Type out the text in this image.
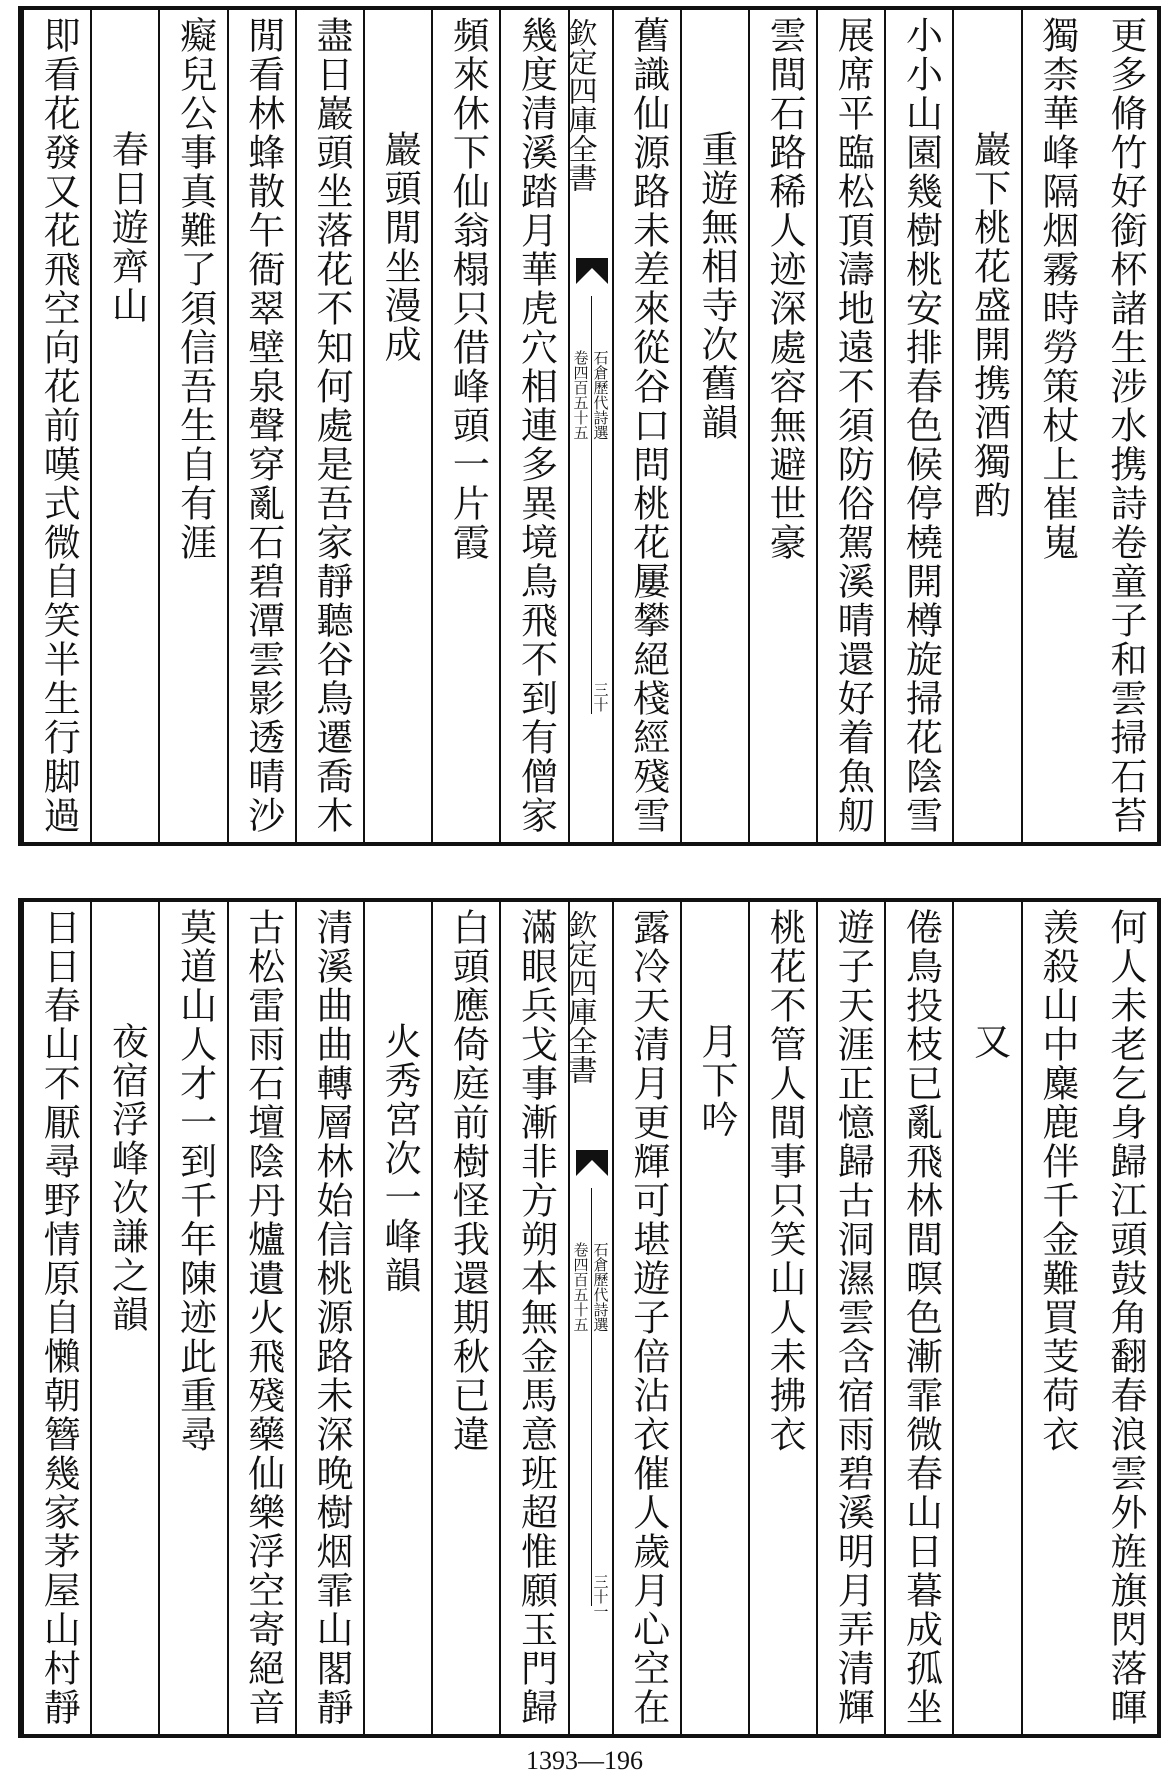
更多脩竹好銜杯諸生涉水携詩卷童子和雲掃石苔
獨柰華峰隔烟霧時勞策杖上崔嵬
巖下桃花盛開携酒獨酌
小小山園幾樹桃安排春色候停橈開樽旋掃花陰雪
展席平臨松頂濤地遠不須防俗駕溪晴還好着魚舠
雲間石路稀人迹深處容無避世豪
重遊無相寺次舊韻
舊識仙源路未差來從谷口問桃花屢攀絕棧經殘雪
欽定四庫全書
石倉歷代詩選
卷四百五十五
三十
幾度清溪踏月華虎穴相連多異境鳥飛不到有僧家
頻來休下仙翁榻只借峰頭一片霞
巖頭閒坐漫成
盡日巖頭坐落花不知何處是吾家靜聽谷鳥遷喬木
閒看林蜂散午衙翠壁泉聲穿亂石碧潭雲影透晴沙
癡兒公事真難了須信吾生自有涯
春日遊齊山
即看花發又花飛空向花前嘆式微自笑半生行脚過
何人未老乞身歸江頭鼓角翻春浪雲外旌旗閃落暉
羡殺山中麋鹿伴千金難買芰荷衣
又
倦鳥投枝已亂飛林間暝色漸霏微春山日暮成孤坐
遊子天涯正憶歸古洞濕雲含宿雨碧溪明月弄清輝
桃花不管人間事只笑山人未拂衣
月下吟
露冷天清月更輝可堪遊子倍沾衣催人歲月心空在
欽定四庫全書
石倉歷代詩選
卷四百五十五
三十一
滿眼兵戈事漸非方朔本無金馬意班超惟願玉門歸
白頭應倚庭前樹怪我還期秋已違
火秀宮次一峰韻
清溪曲曲轉層林始信桃源路未深晚樹烟霏山閣靜
古松雷雨石壇陰丹爐遺火飛殘藥仙樂浮空寄絕音
莫道山人才一到千年陳迹此重尋
夜宿浮峰次謙之韻
日日春山不厭尋野情原自懶朝簪幾家茅屋山村靜
1393—196
